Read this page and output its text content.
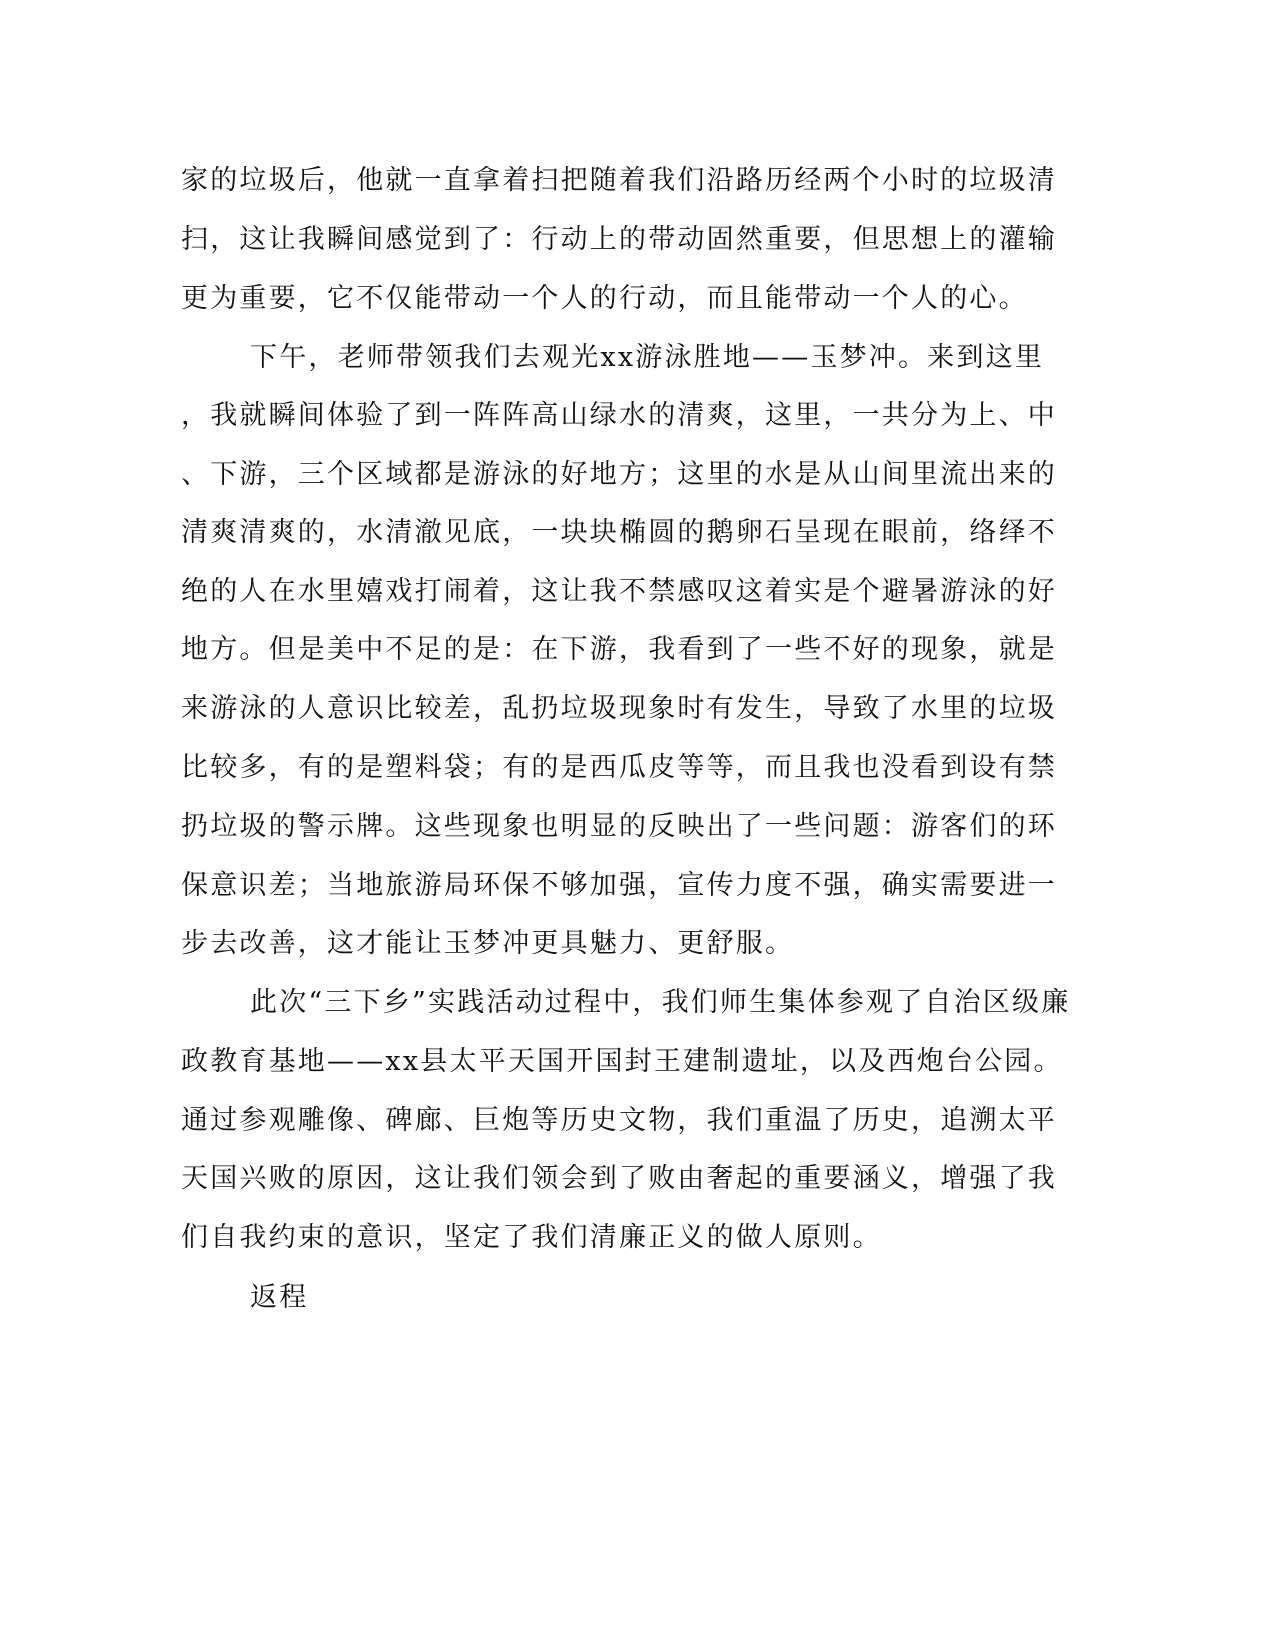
家的垃圾后，他就一直拿着扫把随着我们沿路历经两个小时的垃圾清
扫，这让我瞬间感觉到了：行动上的带动固然重要，但思想上的灌输
更为重要，它不仅能带动一个人的行动，而且能带动一个人的心。
下午，老师带领我们去观光xx游泳胜地——玉梦冲。来到这里
，我就瞬间体验了到一阵阵高山绿水的清爽，这里，一共分为上、中
、下游，三个区域都是游泳的好地方；这里的水是从山间里流出来的
清爽清爽的，水清澈见底，一块块椭圆的鹅卵石呈现在眼前，络绎不
绝的人在水里嬉戏打闹着，这让我不禁感叹这着实是个避暑游泳的好
地方。但是美中不足的是：在下游，我看到了一些不好的现象，就是
来游泳的人意识比较差，乱扔垃圾现象时有发生，导致了水里的垃圾
比较多，有的是塑料袋；有的是西瓜皮等等，而且我也没看到设有禁
扔垃圾的警示牌。这些现象也明显的反映出了一些问题：游客们的环
保意识差；当地旅游局环保不够加强，宣传力度不强，确实需要进一
步去改善，这才能让玉梦冲更具魅力、更舒服。
此次“三下乡”实践活动过程中，我们师生集体参观了自治区级廉
政教育基地——xx县太平天国开国封王建制遗址，以及西炮台公园。
通过参观雕像、碑廊、巨炮等历史文物，我们重温了历史，追溯太平
天国兴败的原因，这让我们领会到了败由奢起的重要涵义，增强了我
们自我约束的意识，坚定了我们清廉正义的做人原则。
返程
